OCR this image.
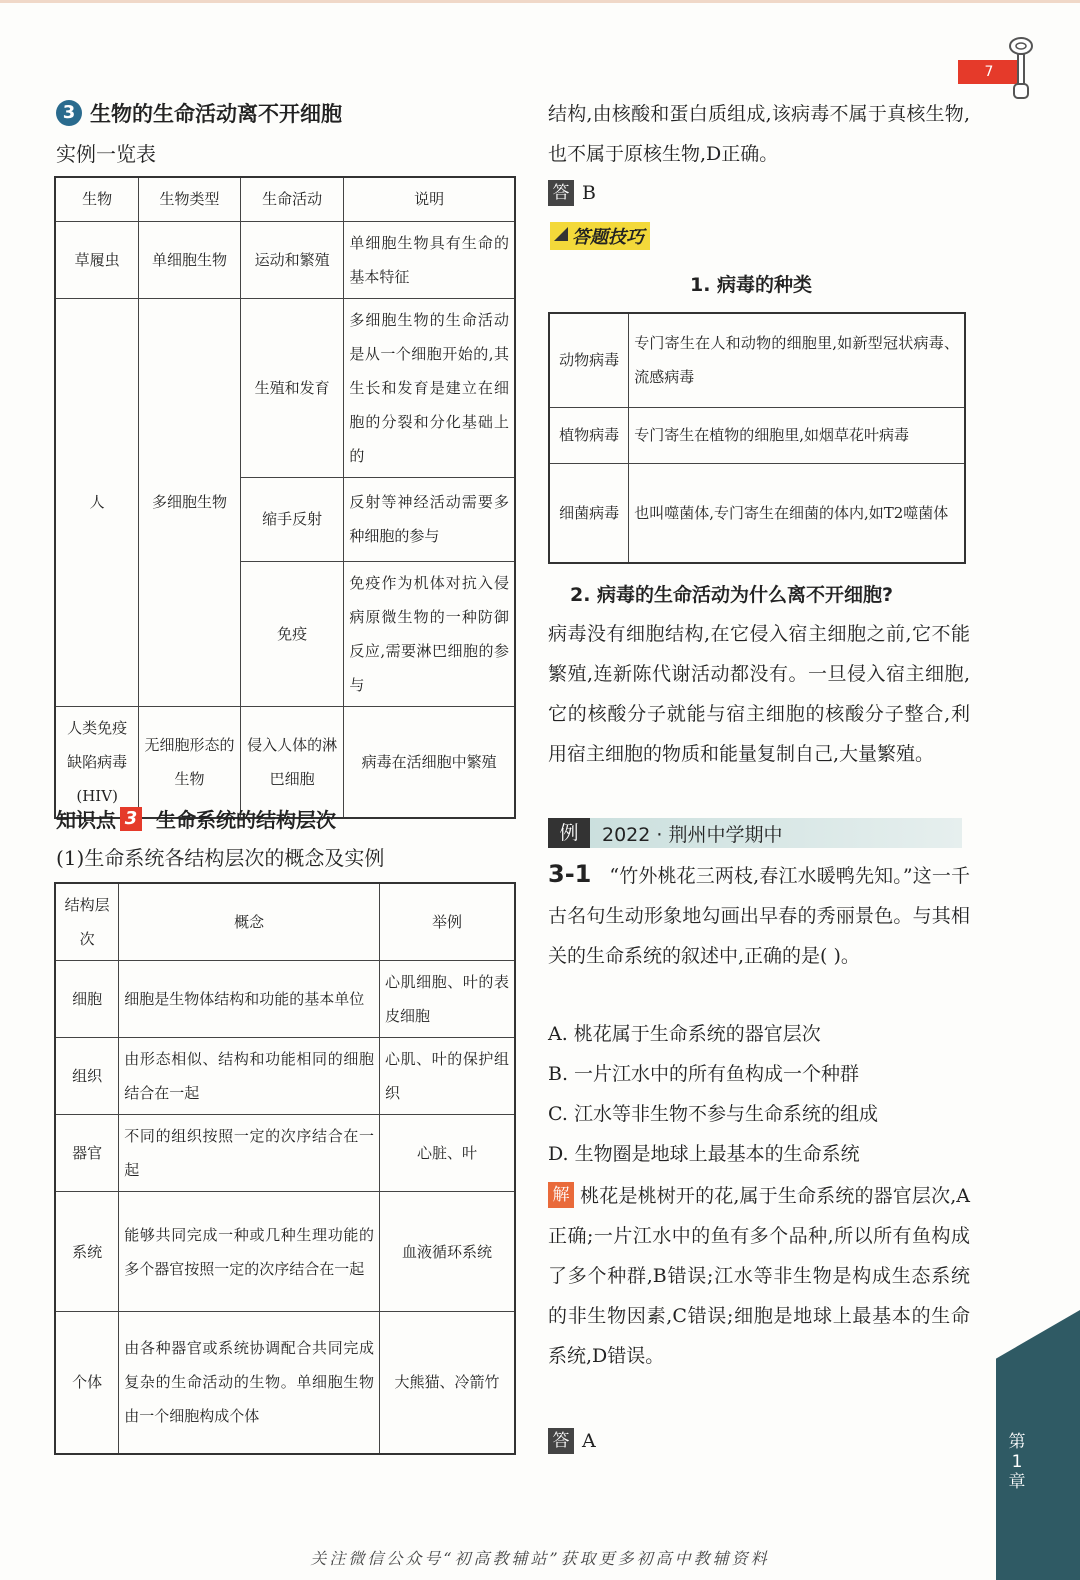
7
3 生物的生命活动离不开细胞
实例一览表
生物	生物类型	生命活动	说明
草履虫	单细胞生物	运动和繁殖	单细胞生物具有生命的基本特征
人	多细胞生物	生殖和发育	多细胞生物的生命活动是从一个细胞开始的,其生长和发育是建立在细胞的分裂和分化基础上的
		缩手反射	反射等神经活动需要多种细胞的参与
		免疫	免疫作为机体对抗入侵病原微生物的一种防御反应,需要淋巴细胞的参与
人类免疫缺陷病毒(HIV)	无细胞形态的生物	侵入人体的淋巴细胞	病毒在活细胞中繁殖
知识点 3 生命系统的结构层次
(1)生命系统各结构层次的概念及实例
结构层次	概念	举例
细胞	细胞是生物体结构和功能的基本单位	心肌细胞、叶的表皮细胞
组织	由形态相似、结构和功能相同的细胞结合在一起	心肌、叶的保护组织
器官	不同的组织按照一定的次序结合在一起	心脏、叶
系统	能够共同完成一种或几种生理功能的多个器官按照一定的次序结合在一起	血液循环系统
个体	由各种器官或系统协调配合共同完成复杂的生命活动的生物。单细胞生物由一个细胞构成个体	大熊猫、冷箭竹
结构,由核酸和蛋白质组成,该病毒不属于真核生物,也不属于原核生物,D正确。
答 B
答题技巧
1. 病毒的种类
动物病毒	专门寄生在人和动物的细胞里,如新型冠状病毒、流感病毒
植物病毒	专门寄生在植物的细胞里,如烟草花叶病毒
细菌病毒	也叫噬菌体,专门寄生在细菌的体内,如T2噬菌体
2. 病毒的生命活动为什么离不开细胞?
病毒没有细胞结构,在它侵入宿主细胞之前,它不能繁殖,连新陈代谢活动都没有。一旦侵入宿主细胞,它的核酸分子就能与宿主细胞的核酸分子整合,利用宿主细胞的物质和能量复制自己,大量繁殖。
例	2022 · 荆州中学期中
3-1 “竹外桃花三两枝,春江水暖鸭先知。”这一千古名句生动形象地勾画出早春的秀丽景色。与其相关的生命系统的叙述中,正确的是( )。
A. 桃花属于生命系统的器官层次
B. 一片江水中的所有鱼构成一个种群
C. 江水等非生物不参与生命系统的组成
D. 生物圈是地球上最基本的生命系统
解 桃花是桃树开的花,属于生命系统的器官层次,A正确;一片江水中的鱼有多个品种,所以所有鱼构成了多个种群,B错误;江水等非生物是构成生态系统的非生物因素,C错误;细胞是地球上最基本的生命系统,D错误。
答 A	第1章
关注微信公众号“初高教辅站”获取更多初高中教辅资料
